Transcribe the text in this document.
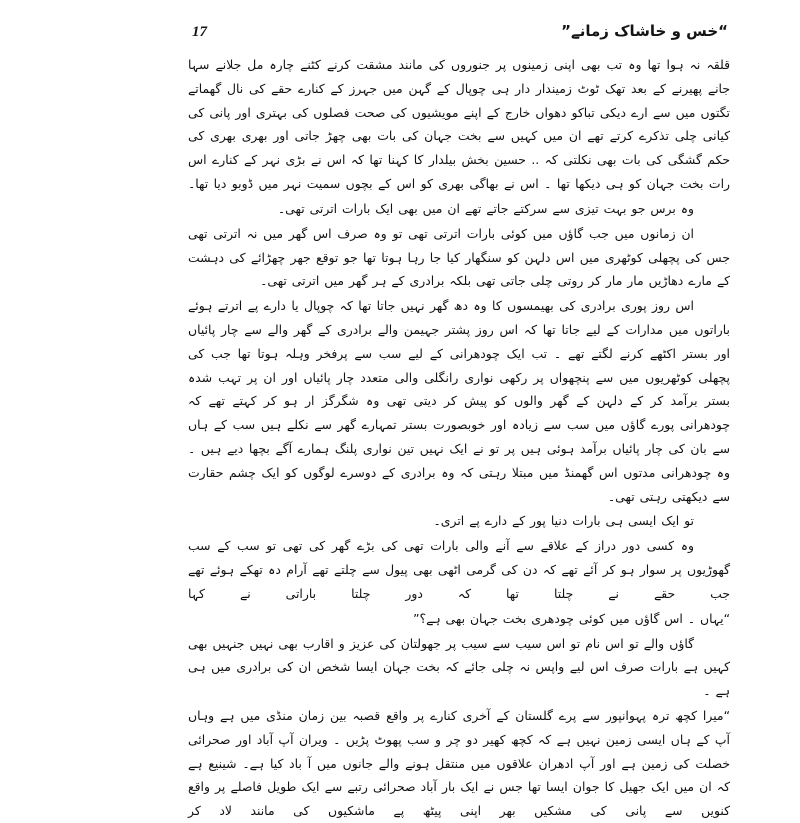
“خس و خاشاک زمانے”
17

قلقہ نہ ہوا تھا وہ تب بھی اپنی زمینوں پر جنوروں کی مانند مشقت کرنے کٹنے چارہ مل جلانے سہا جانے پھیرنے کے بعد تھک ٹوٹ زمیندار دار ہی چوپال کے گہن میں جہرز کے کنارے حقے کی نال گھماتے تگتوں میں سے ارے دیکی تباکو دھواں خارج کے اپنے مویشیوں کی صحت فصلوں کی بہتری اور پانی کی کیانی چلی تذکرے کرتے تھے ان میں کہیں سے بخت جہان کی بات بھی چھڑ جاتی اور بھری بھری کی حکم گشگی کی بات بھی نکلتی کہ .. حسین بخش بیلدار کا کہنا تھا کہ اس نے بڑی نہر کے کنارے اس رات بخت جہان کو ہی دیکھا تھا ۔ اس نے بھاگی بھری کو اس کے بچوں سمیت نہر میں ڈوبو دیا تھا۔

وہ برس جو بہت تیزی سے سرکتے جاتے تھے ان میں بھی ایک بارات اترتی تھی۔

ان زمانوں میں جب گاؤں میں کوئی بارات اترتی تھی تو وہ صرف اس گھر میں نہ اترتی تھی جس کی پچھلی کوٹھری میں اس دلہن کو سنگھار کیا جا رہا ہوتا تھا جو توقع جھر چھڑائے کی دہشت کے مارے دھاڑیں مار مار کر روتی چلی جاتی تھی بلکہ برادری کے ہر گھر میں اترتی تھی۔

اس روز پوری برادری کی بھیمسوں کا وہ دھ گھر نہیں جاتا تھا کہ چوپال یا دارے پے اترتے ہوئے باراتوں میں مدارات کے لیے جاتا تھا کہ اس روز پشتر جہیمن والے برادری کے گھر والے سے چار پائیاں اور بستر اکٹھے کرنے لگتے تھے ۔ تب ایک چودھرانی کے لیے سب سے پرفخر وہلہ ہوتا تھا جب کی پچھلی کوٹھریوں میں سے پنچھواں پر رکھی نواری رانگلی والی متعدد چار پائیاں اور ان پر تہب شدہ بستر برآمد کر کے دلہن کے گھر والوں کو پیش کر دیتی تھی وہ شگرگز ار ہو کر کہتے تھے کہ چودھرانی پورے گاؤں میں سب سے زیادہ اور خوبصورت بستر تمہارے گھر سے نکلے ہیں سب کے ہاں سے بان کی چار پائیاں برآمد ہوئی ہیں پر تو نے ایک نہیں تین نواری پلنگ ہمارے آگے بچھا دیے ہیں ۔ وہ چودھرانی مدتوں اس گھمنڈ میں مبتلا رہتی کہ وہ برادری کے دوسرے لوگوں کو ایک چشم حقارت سے دیکھتی رہتی تھی۔

تو ایک ایسی ہی بارات دنیا پور کے دارے پے اتری۔

وہ کسی دور دراز کے علاقے سے آنے والی بارات تھی کی بڑے گھر کی تھی تو سب کے سب گھوڑیوں پر سوار ہو کر آئے تھے کہ دن کی گرمی اٹھی بھی پیول سے چلتے تھے آرام دہ تھکے ہوئے تھے جب حقے نے چلتا تھا کہ دور چلتا باراتی نے کہا

“یہاں ۔ اس گاؤں میں کوئی چودھری بخت جہان بھی ہے؟”

گاؤں والے تو اس نام تو اس سیب سے سیب پر جھولتان کی عزیز و اقارب بھی نہیں جنہیں بھی کہیں ہے بارات صرف اس لیے واپس نہ چلی جائے کہ بخت جہان ایسا شخص ان کی برادری میں ہی ہے ۔

“میرا کچھ ترہ پہوانپور سے پرے گلستان کے آخری کنارے پر واقع قصبہ بین زمان منڈی میں ہے وہاں آپ کے ہاں ایسی زمین نہیں ہے کہ کچھ کھیر دو چر و سب پھوٹ پڑیں ۔ ویران آپ آباد اور صحرائی خصلت کی زمین ہے اور آپ ادھران علاقوں میں منتقل ہونے والے جانوں میں آ باد کیا ہے۔ شینیع ہے کہ ان میں ایک جھیل کا جوان ایسا تھا جس نے ایک بار آباد صحرائی رتبے سے ایک طویل فاصلے پر واقع کنویں سے پانی کی مشکیں بھر اپنی پیٹھ پے ماشکیوں کی مانند لاد کر
